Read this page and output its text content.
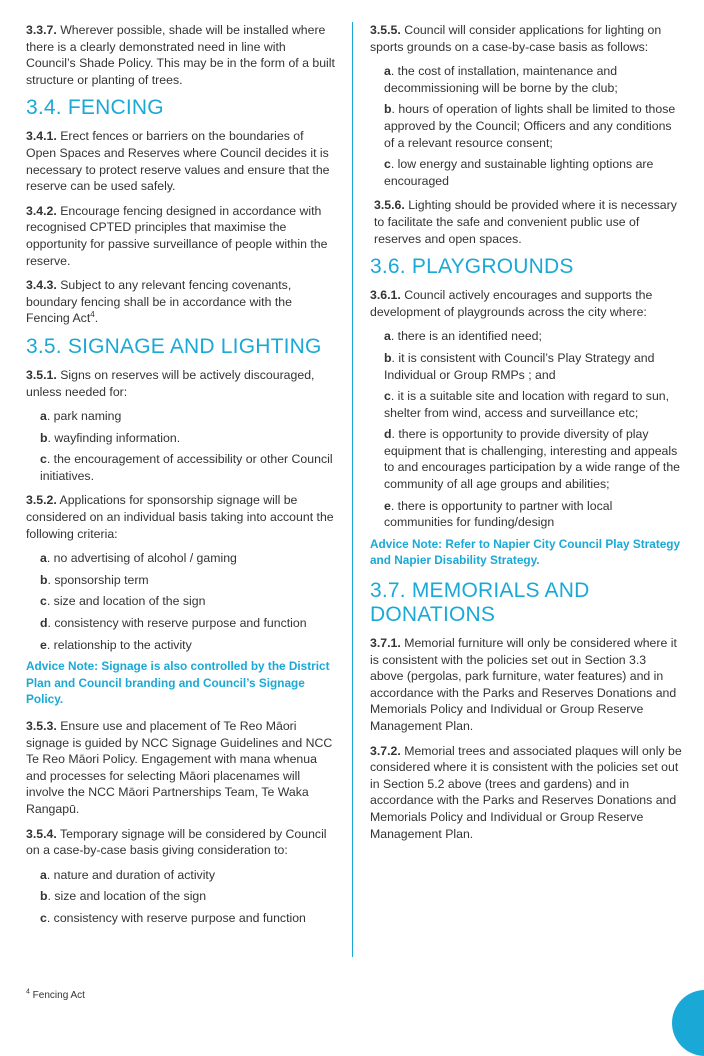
3.3.7. Wherever possible, shade will be installed where there is a clearly demonstrated need in line with Council’s Shade Policy. This may be in the form of a built structure or planting of trees.

3.4. FENCING

3.4.1. Erect fences or barriers on the boundaries of Open Spaces and Reserves where Council decides it is necessary to protect reserve values and ensure that the reserve can be used safely.

3.4.2. Encourage fencing designed in accordance with recognised CPTED principles that maximise the opportunity for passive surveillance of people within the reserve.

3.4.3. Subject to any relevant fencing covenants, boundary fencing shall be in accordance with the Fencing Act$^4$.

3.5. SIGNAGE AND LIGHTING

3.5.1. Signs on reserves will be actively discouraged, unless needed for:

a. park naming
b. wayfinding information.
c. the encouragement of accessibility or other Council initiatives.

3.5.2. Applications for sponsorship signage will be considered on an individual basis taking into account the following criteria:

a. no advertising of alcohol / gaming
b. sponsorship term
c. size and location of the sign
d. consistency with reserve purpose and function
e. relationship to the activity
Advice Note: Signage is also controlled by the District Plan and Council branding and Council’s Signage Policy.

3.5.3. Ensure use and placement of Te Reo Māori signage is guided by NCC Signage Guidelines and NCC Te Reo Māori Policy. Engagement with mana whenua and processes for selecting Māori placenames will involve the NCC Māori Partnerships Team, Te Waka Rangapū.

3.5.4. Temporary signage will be considered by Council on a case-by-case basis giving consideration to:

a. nature and duration of activity
b. size and location of the sign
c. consistency with reserve purpose and function

3.5.5. Council will consider applications for lighting on sports grounds on a case-by-case basis as follows:

a. the cost of installation, maintenance and decommissioning will be borne by the club;
b. hours of operation of lights shall be limited to those approved by the Council; Officers and any conditions of a relevant resource consent;
c. low energy and sustainable lighting options are encouraged

3.5.6. Lighting should be provided where it is necessary to facilitate the safe and convenient public use of reserves and open spaces.

3.6. PLAYGROUNDS

3.6.1. Council actively encourages and supports the development of playgrounds across the city where:

a. there is an identified need;
b. it is consistent with Council’s Play Strategy and Individual or Group RMPs ; and
c. it is a suitable site and location with regard to sun, shelter from wind, access and surveillance etc;
d. there is opportunity to provide diversity of play equipment that is challenging, interesting and appeals to and encourages participation by a wide range of the community of all age groups and abilities;
e. there is opportunity to partner with local communities for funding/design
Advice Note: Refer to Napier City Council Play Strategy and Napier Disability Strategy.
3.7. MEMORIALS AND
DONATIONS

3.7.1. Memorial furniture will only be considered where it is consistent with the policies set out in Section 3.3 above (pergolas, park furniture, water features) and in accordance with the Parks and Reserves Donations and Memorials Policy and Individual or Group Reserve Management Plan.

3.7.2. Memorial trees and associated plaques will only be considered where it is consistent with the policies set out in Section 5.2 above (trees and gardens) and in accordance with the Parks and Reserves Donations and Memorials Policy and Individual or Group Reserve Management Plan.

$^4$ Fencing Act
